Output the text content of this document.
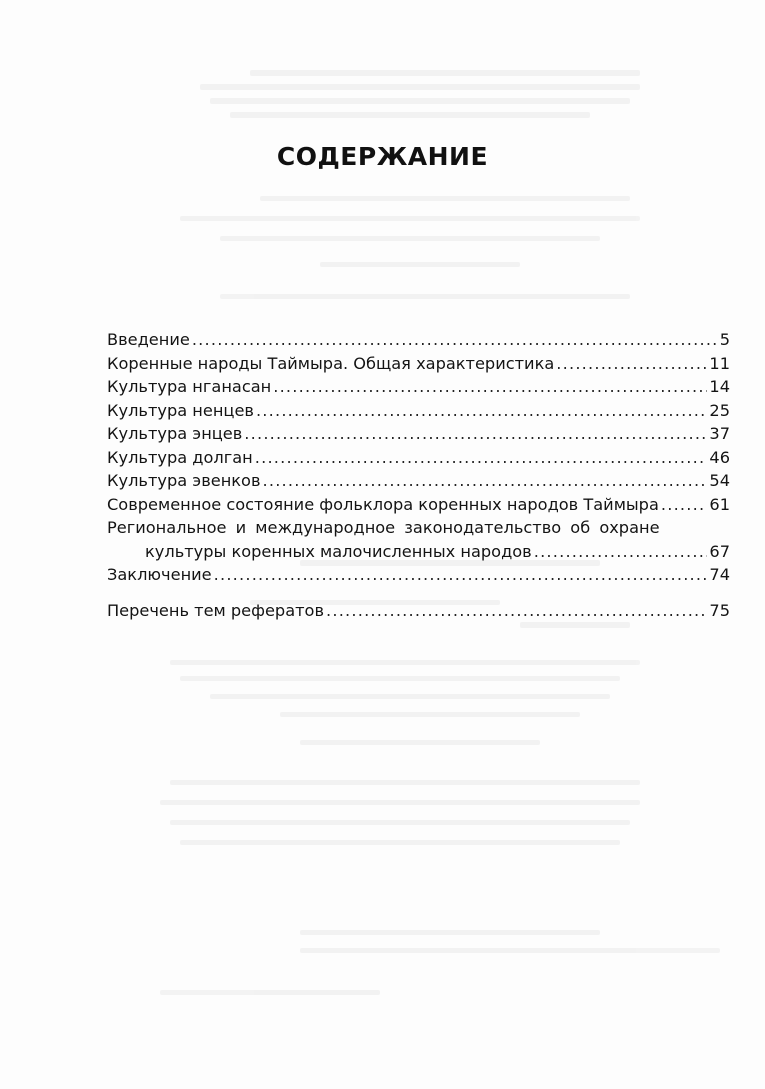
СОДЕРЖАНИЕ
Введение .....	5
Коренные народы Таймыра. Общая характеристика .....	11
Культура нганасан .....	14
Культура ненцев .....	25
Культура энцев .....	37
Культура долган .....	46
Культура эвенков .....	54
Современное состояние фольклора коренных народов Таймыра .....	61
Региональное и международное законодательство об охране
культуры коренных малочисленных народов .....	67
Заключение .....	74
Перечень тем рефератов .....	75
